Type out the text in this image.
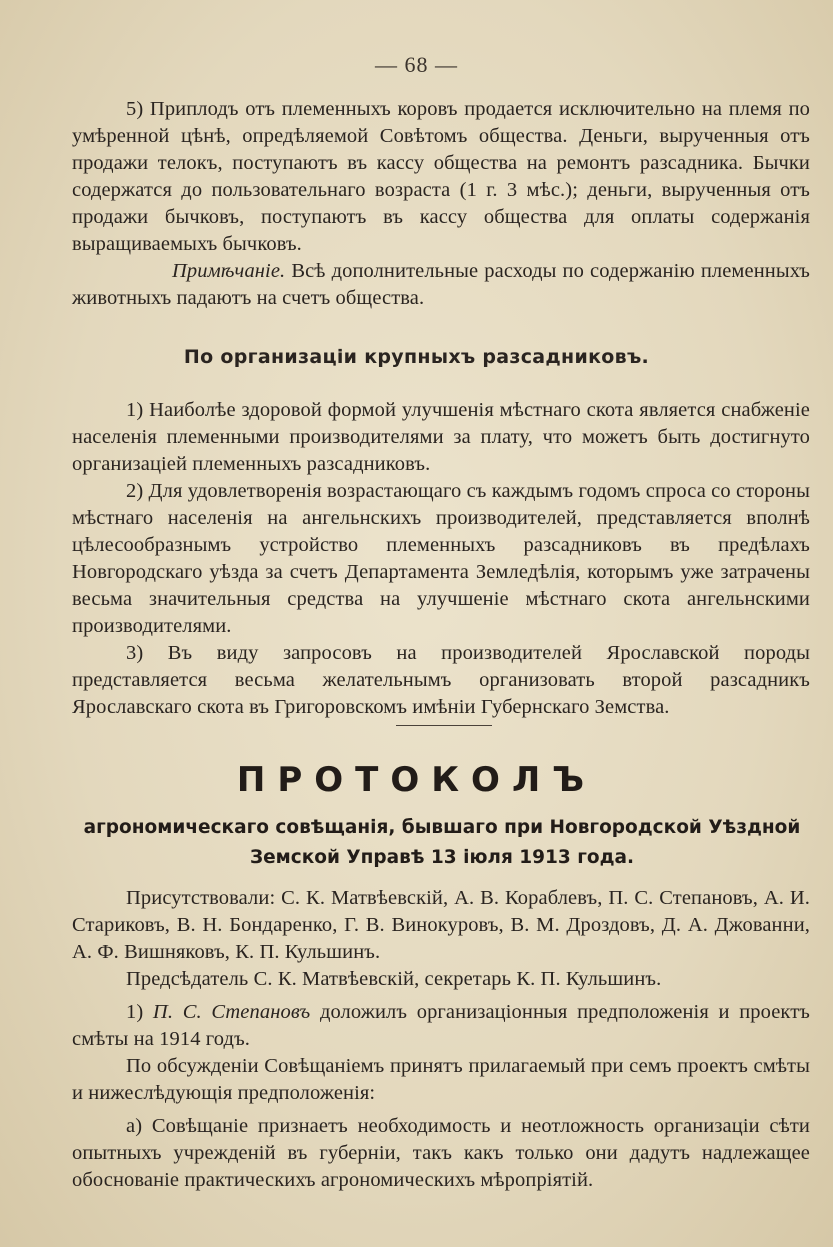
— 68 —

5) Приплодъ отъ племенныхъ коровъ продается исключительно на племя по умѣренной цѣнѣ, опредѣляемой Совѣтомъ общества. Деньги, вырученныя отъ продажи телокъ, поступаютъ въ кассу общества на ремонтъ разсадника. Бычки содержатся до пользовательнаго возраста (1 г. 3 мѣс.); деньги, вырученныя отъ продажи бычковъ, поступаютъ въ кассу общества для оплаты содержанія выращиваемыхъ бычковъ.

Примѣчаніе. Всѣ дополнительные расходы по содержанію племенныхъ животныхъ падаютъ на счетъ общества.

По организаціи крупныхъ разсадниковъ.

1) Наиболѣе здоровой формой улучшенія мѣстнаго скота является снабженіе населенія племенными производителями за плату, что можетъ быть достигнуто организаціей племенныхъ разсадниковъ.

2) Для удовлетворенія возрастающаго съ каждымъ годомъ спроса со стороны мѣстнаго населенія на ангельнскихъ производителей, представляется вполнѣ цѣлесообразнымъ устройство племенныхъ разсадниковъ въ предѣлахъ Новгородскаго уѣзда за счетъ Департамента Земледѣлія, которымъ уже затрачены весьма значительныя средства на улучшеніе мѣстнаго скота ангельнскими производителями.

3) Въ виду запросовъ на производителей Ярославской породы представляется весьма желательнымъ организовать второй разсадникъ Ярославскаго скота въ Григоровскомъ имѣніи Губернскаго Земства.

ПРОТОКОЛЪ
агрономическаго совѣщанія, бывшаго при Новгородской Уѣздной Земской Управѣ 13 іюля 1913 года.

Присутствовали: С. К. Матвѣевскій, А. В. Кораблевъ, П. С. Степановъ, А. И. Стариковъ, В. Н. Бондаренко, Г. В. Винокуровъ, В. М. Дроздовъ, Д. А. Джованни, А. Ф. Вишняковъ, К. П. Кульшинъ.

Предсѣдатель С. К. Матвѣевскій, секретарь К. П. Кульшинъ.

1) П. С. Степановъ доложилъ организаціонныя предположенія и проектъ смѣты на 1914 годъ.

По обсужденіи Совѣщаніемъ принятъ прилагаемый при семъ проектъ смѣты и нижеслѣдующія предположенія:

а) Совѣщаніе признаетъ необходимость и неотложность организаціи сѣти опытныхъ учрежденій въ губерніи, такъ какъ только они дадутъ надлежащее обоснованіе практическихъ агрономическихъ мѣропріятій.
